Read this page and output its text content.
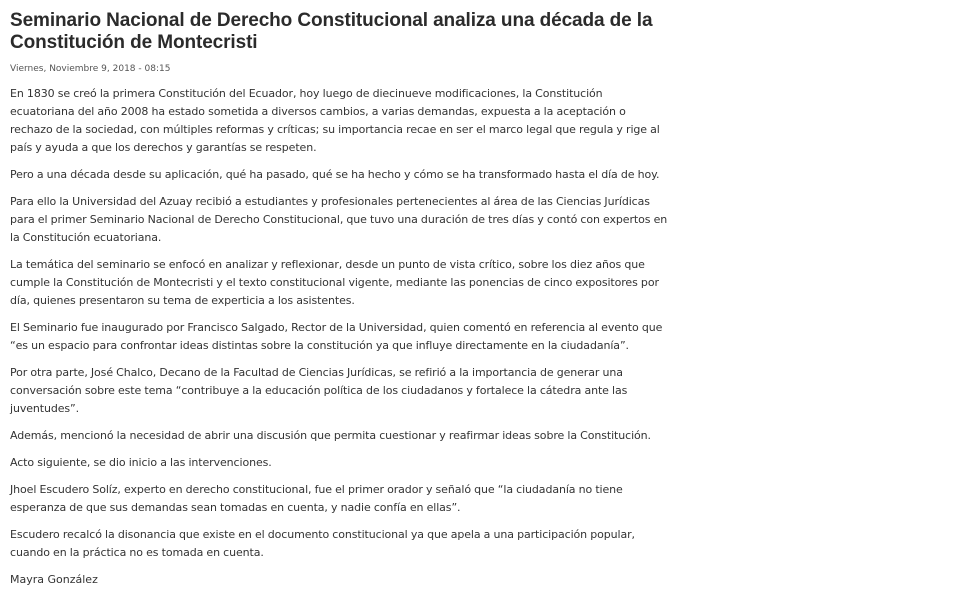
Seminario Nacional de Derecho Constitucional analiza una década de la Constitución de Montecristi
Viernes, Noviembre 9, 2018 - 08:15

En 1830 se creó la primera Constitución del Ecuador, hoy luego de diecinueve modificaciones, la Constitución ecuatoriana del año 2008 ha estado sometida a diversos cambios, a varias demandas, expuesta a la aceptación o rechazo de la sociedad, con múltiples reformas y críticas; su importancia recae en ser el marco legal que regula y rige al país y ayuda a que los derechos y garantías se respeten.

Pero a una década desde su aplicación, qué ha pasado, qué se ha hecho y cómo se ha transformado hasta el día de hoy.

Para ello la Universidad del Azuay recibió a estudiantes y profesionales pertenecientes al área de las Ciencias Jurídicas para el primer Seminario Nacional de Derecho Constitucional, que tuvo una duración de tres días y contó con expertos en la Constitución ecuatoriana.

La temática del seminario se enfocó en analizar y reflexionar, desde un punto de vista crítico, sobre los diez años que cumple la Constitución de Montecristi y el texto constitucional vigente, mediante las ponencias de cinco expositores por día, quienes presentaron su tema de experticia a los asistentes.

El Seminario fue inaugurado por Francisco Salgado, Rector de la Universidad, quien comentó en referencia al evento que “es un espacio para confrontar ideas distintas sobre la constitución ya que influye directamente en la ciudadanía”.

Por otra parte, José Chalco, Decano de la Facultad de Ciencias Jurídicas, se refirió a la importancia de generar una conversación sobre este tema “contribuye a la educación política de los ciudadanos y fortalece la cátedra ante las juventudes”.

Además, mencionó la necesidad de abrir una discusión que permita cuestionar y reafirmar ideas sobre la Constitución.

Acto siguiente, se dio inicio a las intervenciones.

Jhoel Escudero Solíz, experto en derecho constitucional, fue el primer orador y señaló que “la ciudadanía no tiene esperanza de que sus demandas sean tomadas en cuenta, y nadie confía en ellas”.

Escudero recalcó la disonancia que existe en el documento constitucional ya que apela a una participación popular, cuando en la práctica no es tomada en cuenta.

Mayra González
